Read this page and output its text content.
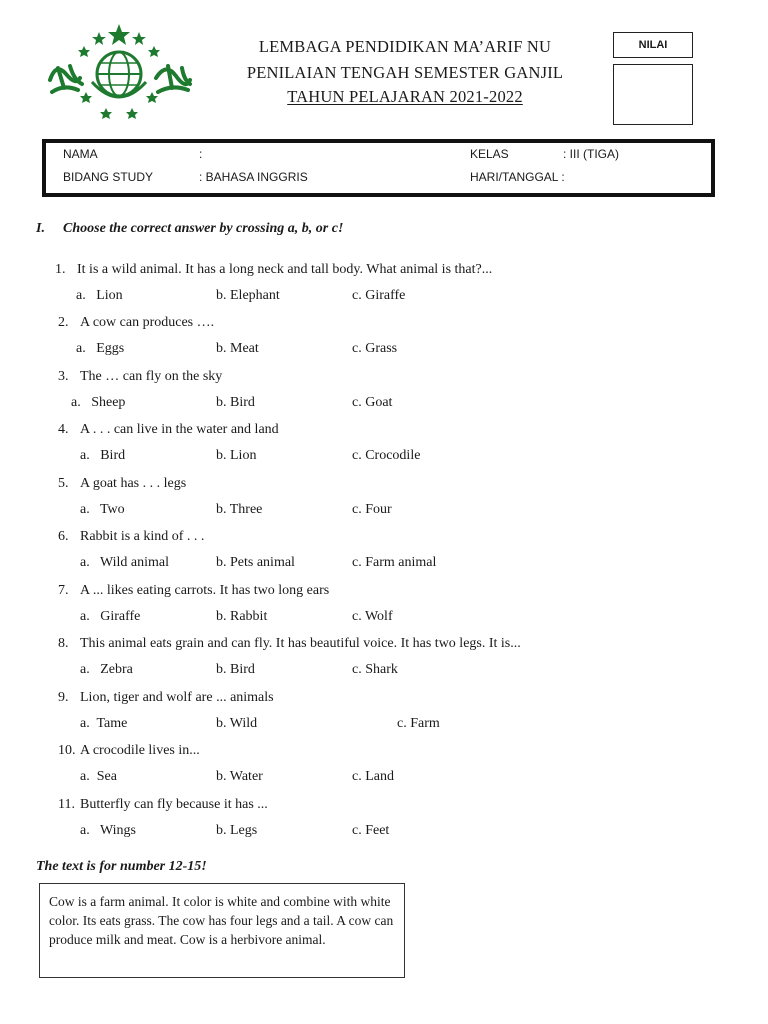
LEMBAGA PENDIDIKAN MA’ARIF NU
PENILAIAN TENGAH SEMESTER GANJIL
TAHUN PELAJARAN 2021-2022
NILAI
NAMA	:	KELAS	: III (TIGA)
BIDANG STUDY	: BAHASA INGGRIS	HARI/TANGGAL :
I. Choose the correct answer by crossing a, b, or c!
1. It is a wild animal. It has a long neck and tall body. What animal is that?...
a.   Lion	b. Elephant	c. Giraffe
2. A cow can produces ….
a.   Eggs	b. Meat	c. Grass
3. The … can fly on the sky
a.   Sheep	b. Bird	c. Goat
4. A . . . can live in the water and land
a.   Bird	b. Lion	c. Crocodile
5. A goat has . . . legs
a.   Two	b. Three	c. Four
6. Rabbit is a kind of . . .
a.   Wild animal	b. Pets animal	c. Farm animal
7. A ... likes eating carrots. It has two long ears
a.   Giraffe	b. Rabbit	c. Wolf
8. This animal eats grain and can fly. It has beautiful voice. It has two legs. It is...
a.   Zebra	b. Bird	c. Shark
9. Lion, tiger and wolf are ... animals
a.  Tame	b. Wild	c. Farm
10. A crocodile lives in...
a.  Sea	b. Water	c. Land
11. Butterfly can fly because it has ...
a.   Wings	b. Legs	c. Feet
The text is for number 12-15!
Cow is a farm animal. It color is white and combine with white color. Its eats grass. The cow has four legs and a tail. A cow can produce milk and meat. Cow is a herbivore animal.
